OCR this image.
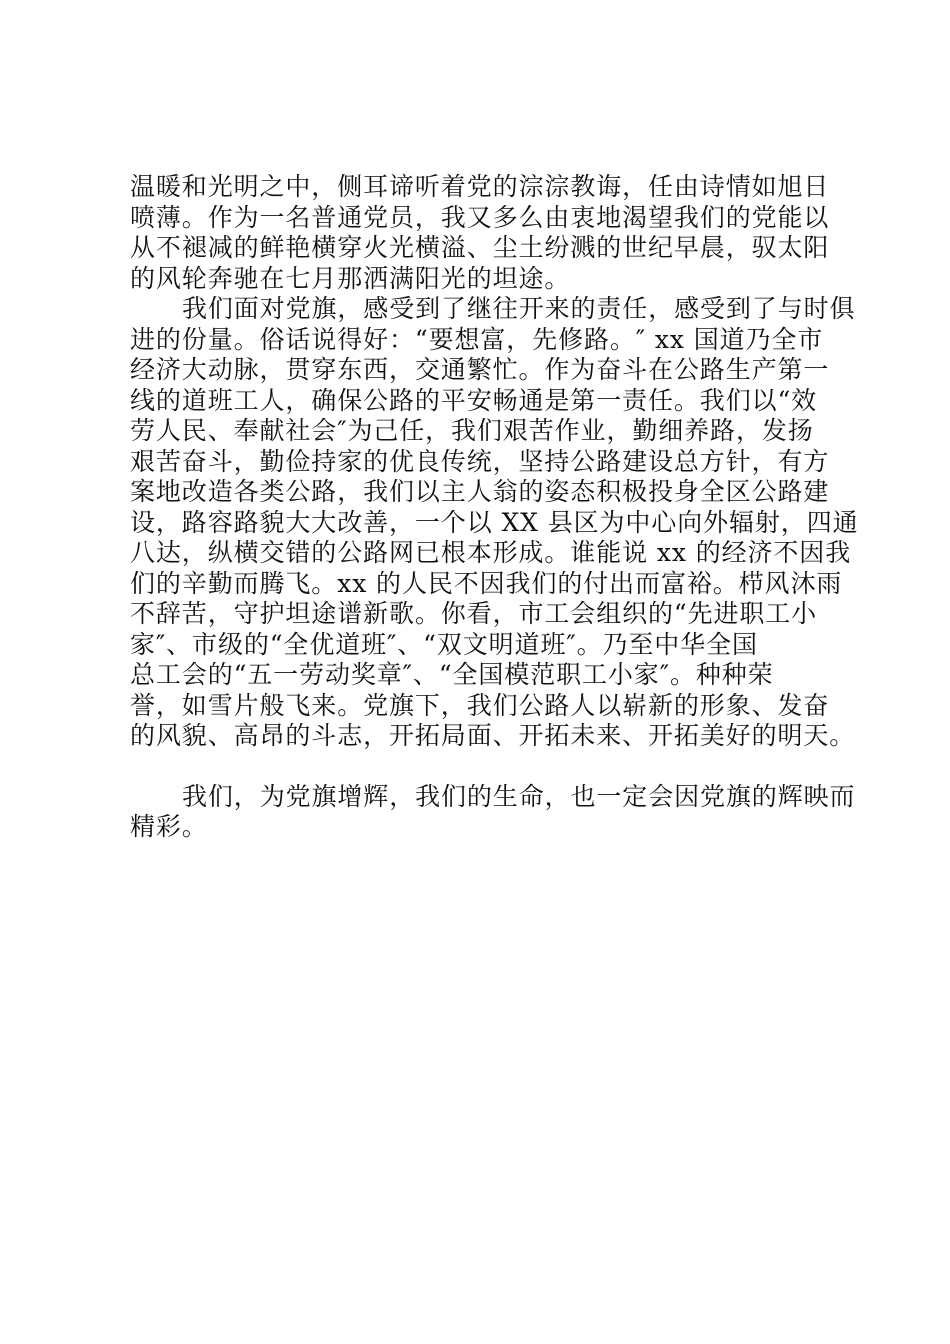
温暖和光明之中，侧耳谛听着党的淙淙教诲，任由诗情如旭日

喷薄。作为一名普通党员，我又多么由衷地渴望我们的党能以

从不褪减的鲜艳横穿火光横溢、尘土纷溅的世纪早晨，驭太阳

的风轮奔驰在七月那洒满阳光的坦途。

我们面对党旗，感受到了继往开来的责任，感受到了与时俱

进的份量。俗话说得好：“要想富，先修路。″ xx 国道乃全市

经济大动脉，贯穿东西，交通繁忙。作为奋斗在公路生产第一

线的道班工人，确保公路的平安畅通是第一责任。我们以“效

劳人民、奉献社会″为己任，我们艰苦作业，勤细养路，发扬

艰苦奋斗，勤俭持家的优良传统，坚持公路建设总方针，有方

案地改造各类公路，我们以主人翁的姿态积极投身全区公路建

设，路容路貌大大改善，一个以 XX 县区为中心向外辐射，四通

八达，纵横交错的公路网已根本形成。谁能说 xx 的经济不因我

们的辛勤而腾飞。xx 的人民不因我们的付出而富裕。栉风沐雨

不辞苦，守护坦途谱新歌。你看，市工会组织的“先进职工小

家″、市级的“全优道班″、“双文明道班″。乃至中华全国

总工会的“五一劳动奖章″、“全国模范职工小家″。种种荣

誉，如雪片般飞来。党旗下，我们公路人以崭新的形象、发奋

的风貌、高昂的斗志，开拓局面、开拓未来、开拓美好的明天。

我们，为党旗增辉，我们的生命，也一定会因党旗的辉映而

精彩。
